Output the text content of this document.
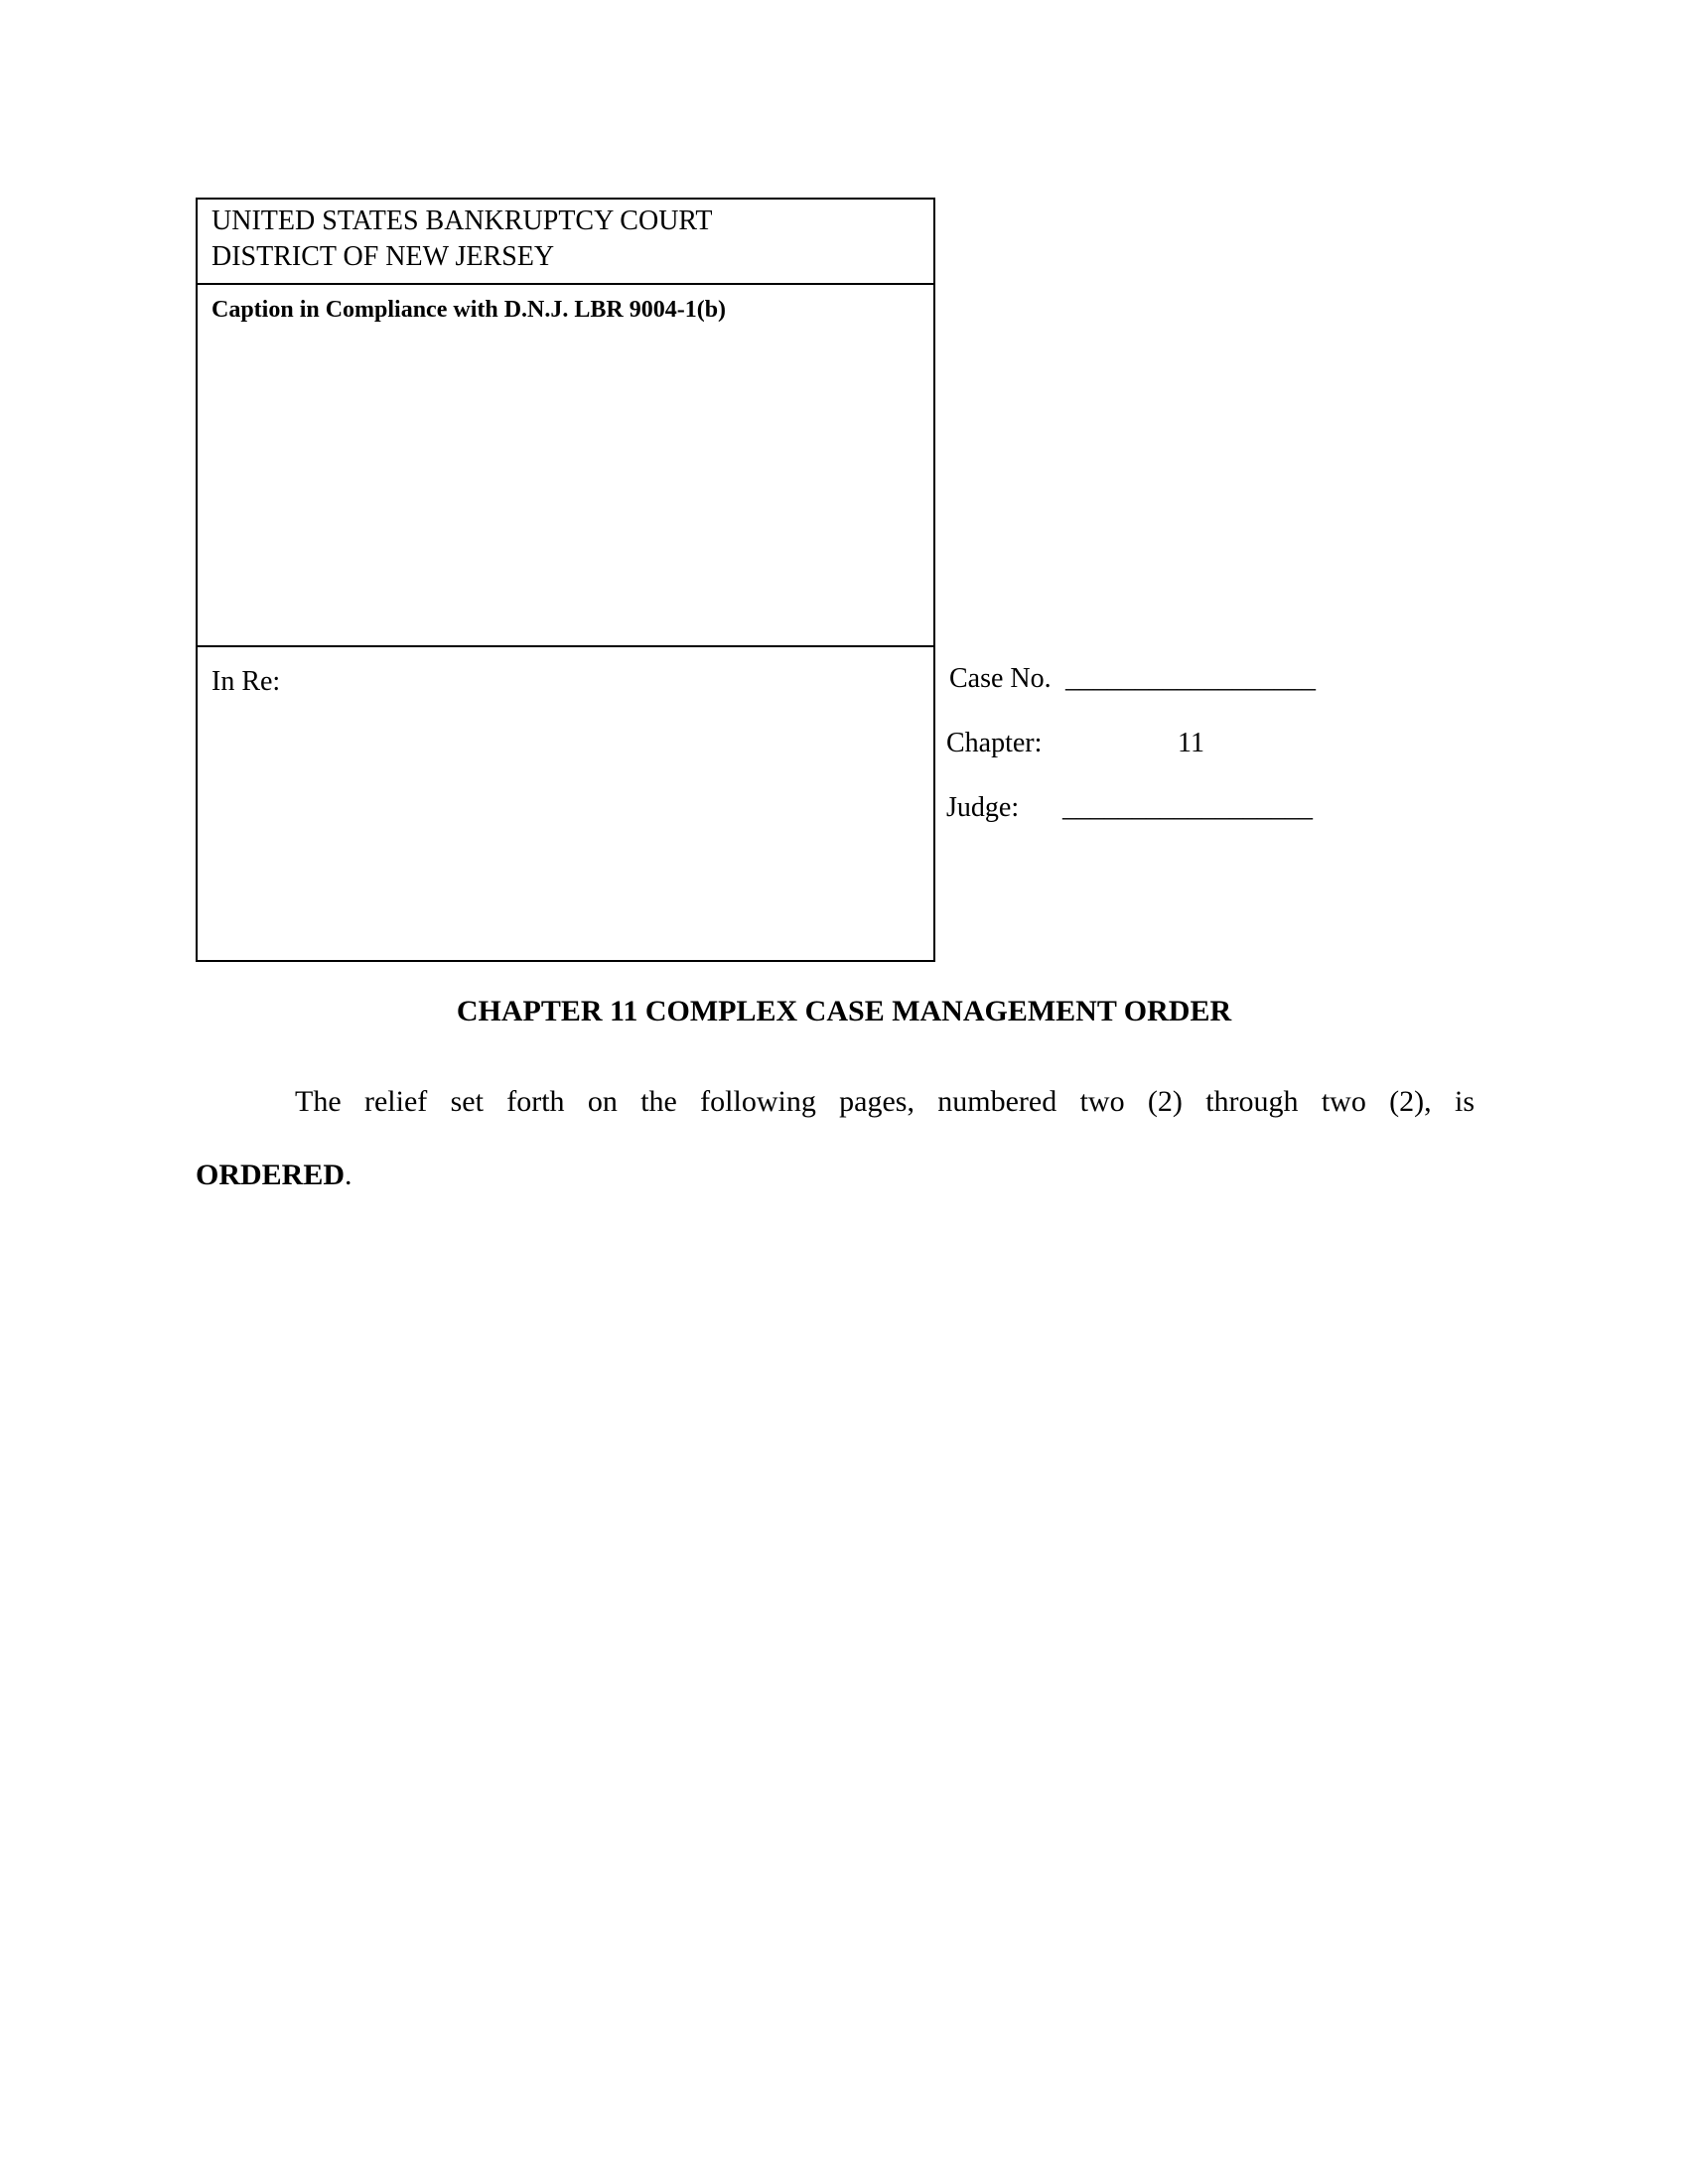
UNITED STATES BANKRUPTCY COURT
DISTRICT OF NEW JERSEY
Caption in Compliance with D.N.J. LBR 9004-1(b)
In Re:	Case No. __________________
Chapter:	11
Judge: __________________
CHAPTER 11 COMPLEX CASE MANAGEMENT ORDER
The relief set forth on the following pages, numbered two (2) through two (2), is
ORDERED.
